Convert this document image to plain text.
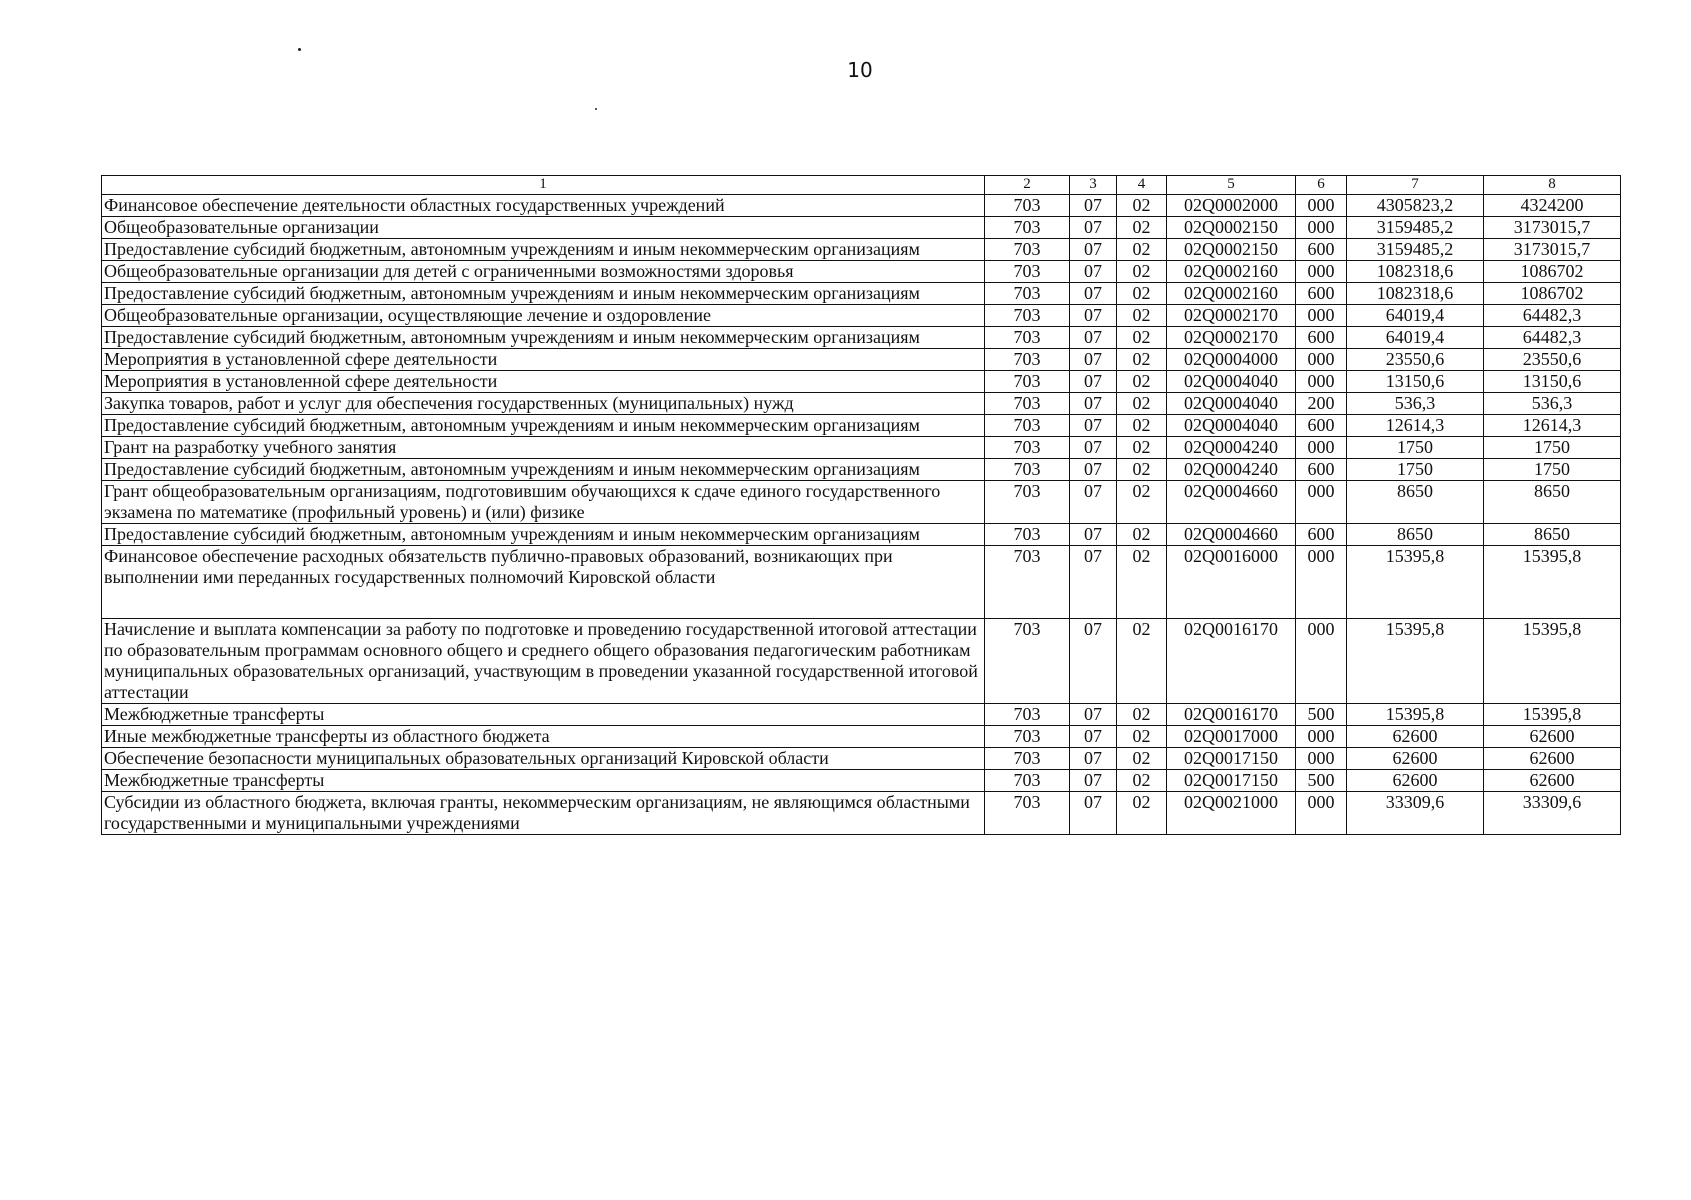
10
1	2	3	4	5	6	7	8
Финансовое обеспечение деятельности областных государственных учреждений	703	07	02	02Q0002000	000	4305823,2	4324200
Общеобразовательные организации	703	07	02	02Q0002150	000	3159485,2	3173015,7
Предоставление субсидий бюджетным, автономным учреждениям и иным некоммерческим организациям	703	07	02	02Q0002150	600	3159485,2	3173015,7
Общеобразовательные организации для детей с ограниченными возможностями здоровья	703	07	02	02Q0002160	000	1082318,6	1086702
Предоставление субсидий бюджетным, автономным учреждениям и иным некоммерческим организациям	703	07	02	02Q0002160	600	1082318,6	1086702
Общеобразовательные организации, осуществляющие лечение и оздоровление	703	07	02	02Q0002170	000	64019,4	64482,3
Предоставление субсидий бюджетным, автономным учреждениям и иным некоммерческим организациям	703	07	02	02Q0002170	600	64019,4	64482,3
Мероприятия в установленной сфере деятельности	703	07	02	02Q0004000	000	23550,6	23550,6
Мероприятия в установленной сфере деятельности	703	07	02	02Q0004040	000	13150,6	13150,6
Закупка товаров, работ и услуг для обеспечения государственных (муниципальных) нужд	703	07	02	02Q0004040	200	536,3	536,3
Предоставление субсидий бюджетным, автономным учреждениям и иным некоммерческим организациям	703	07	02	02Q0004040	600	12614,3	12614,3
Грант на разработку учебного занятия	703	07	02	02Q0004240	000	1750	1750
Предоставление субсидий бюджетным, автономным учреждениям и иным некоммерческим организациям	703	07	02	02Q0004240	600	1750	1750
Грант общеобразовательным организациям, подготовившим обучающихся к сдаче единого государственного экзамена по математике (профильный уровень) и (или) физике	703	07	02	02Q0004660	000	8650	8650
Предоставление субсидий бюджетным, автономным учреждениям и иным некоммерческим организациям	703	07	02	02Q0004660	600	8650	8650
Финансовое обеспечение расходных обязательств публично-правовых образований, возникающих при выполнении ими переданных государственных полномочий Кировской области	703	07	02	02Q0016000	000	15395,8	15395,8
Начисление и выплата компенсации за работу по подготовке и проведению государственной итоговой аттестации по образовательным программам основного общего и среднего общего образования педагогическим работникам муниципальных образовательных организаций, участвующим в проведении указанной государственной итоговой аттестации	703	07	02	02Q0016170	000	15395,8	15395,8
Межбюджетные трансферты	703	07	02	02Q0016170	500	15395,8	15395,8
Иные межбюджетные трансферты из областного бюджета	703	07	02	02Q0017000	000	62600	62600
Обеспечение безопасности муниципальных образовательных организаций Кировской области	703	07	02	02Q0017150	000	62600	62600
Межбюджетные трансферты	703	07	02	02Q0017150	500	62600	62600
Субсидии из областного бюджета, включая гранты, некоммерческим организациям, не являющимся областными государственными и муниципальными учреждениями	703	07	02	02Q0021000	000	33309,6	33309,6
